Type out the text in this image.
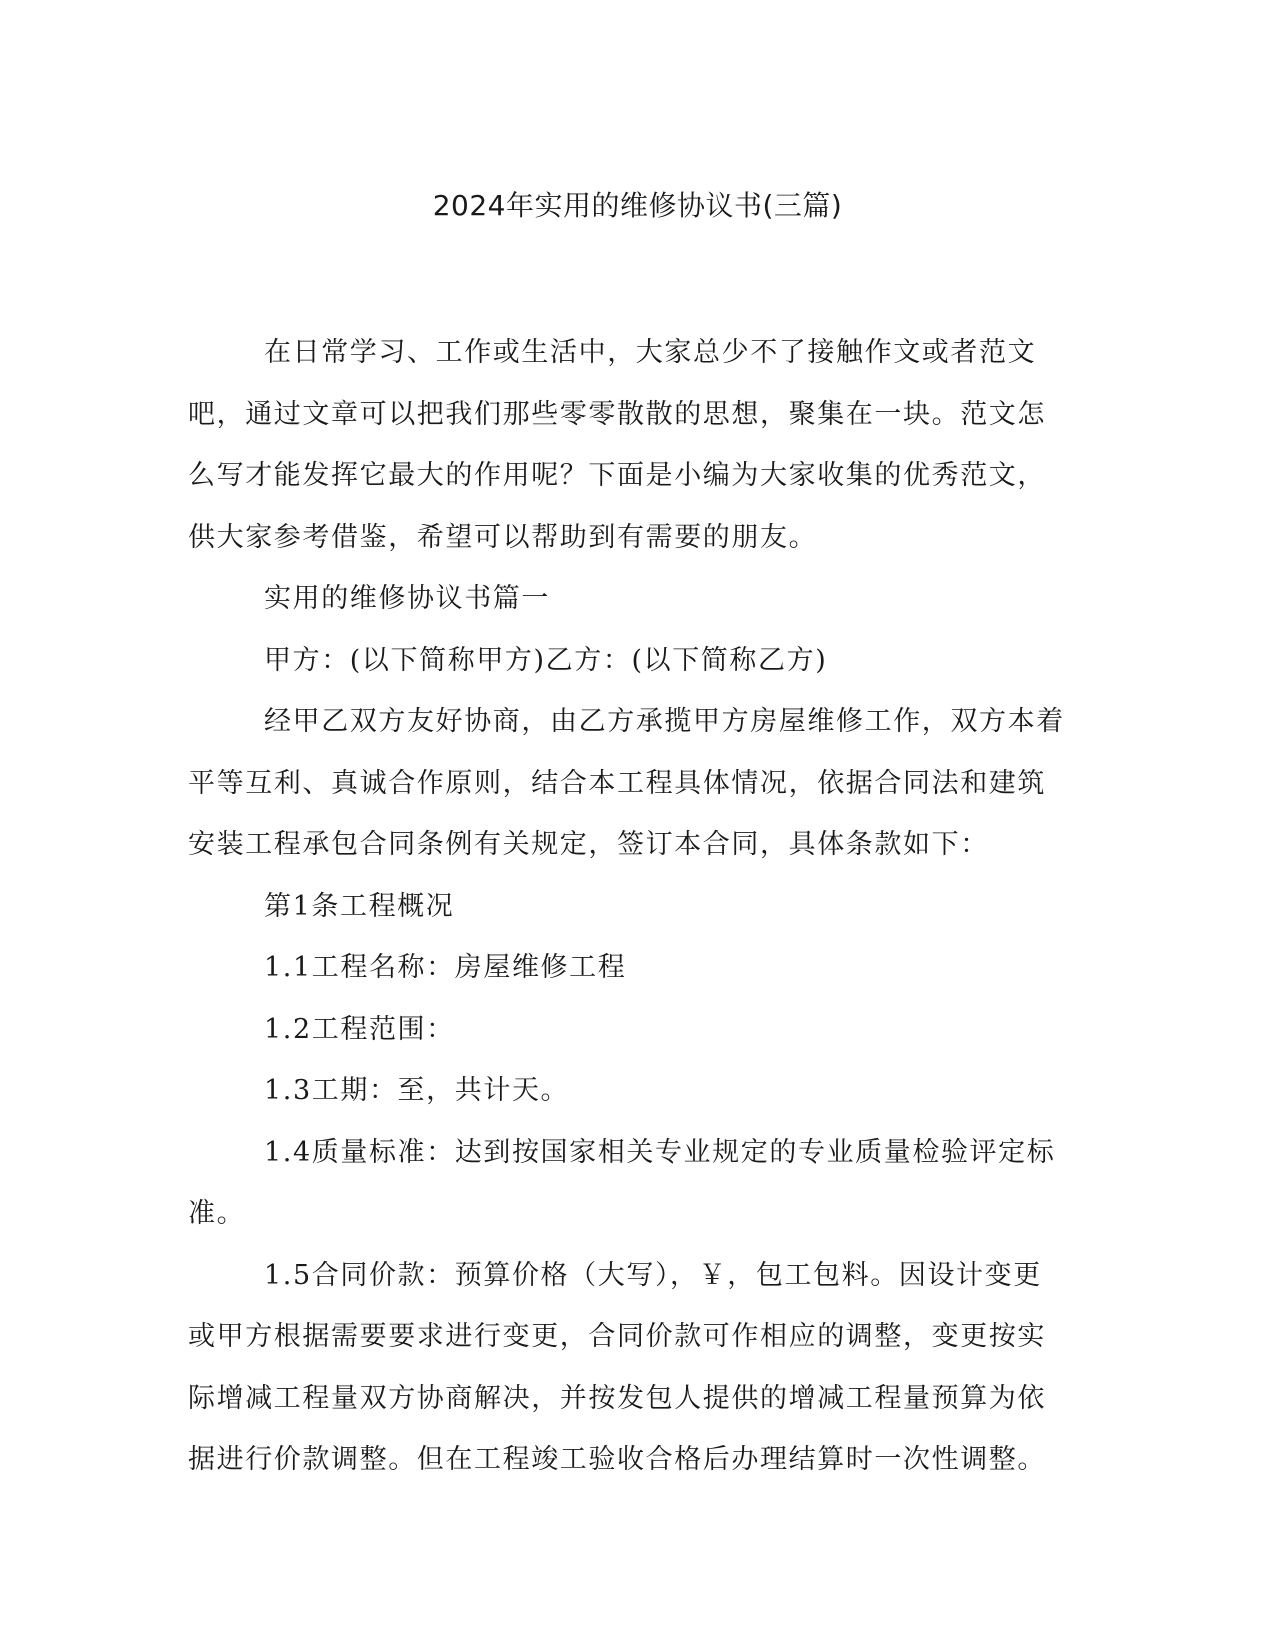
2024年实用的维修协议书(三篇)

在日常学习、工作或生活中，大家总少不了接触作文或者范文吧，通过文章可以把我们那些零零散散的思想，聚集在一块。范文怎么写才能发挥它最大的作用呢？下面是小编为大家收集的优秀范文，供大家参考借鉴，希望可以帮助到有需要的朋友。

实用的维修协议书篇一

甲方：(以下简称甲方)乙方：(以下简称乙方)

经甲乙双方友好协商，由乙方承揽甲方房屋维修工作，双方本着平等互利、真诚合作原则，结合本工程具体情况，依据合同法和建筑安装工程承包合同条例有关规定，签订本合同，具体条款如下：

第1条工程概况

1.1工程名称：房屋维修工程

1.2工程范围：

1.3工期：至，共计天。

1.4质量标准：达到按国家相关专业规定的专业质量检验评定标准。

1.5合同价款：预算价格（大写），￥，包工包料。因设计变更或甲方根据需要要求进行变更，合同价款可作相应的调整，变更按实际增减工程量双方协商解决，并按发包人提供的增减工程量预算为依据进行价款调整。但在工程竣工验收合格后办理结算时一次性调整。
